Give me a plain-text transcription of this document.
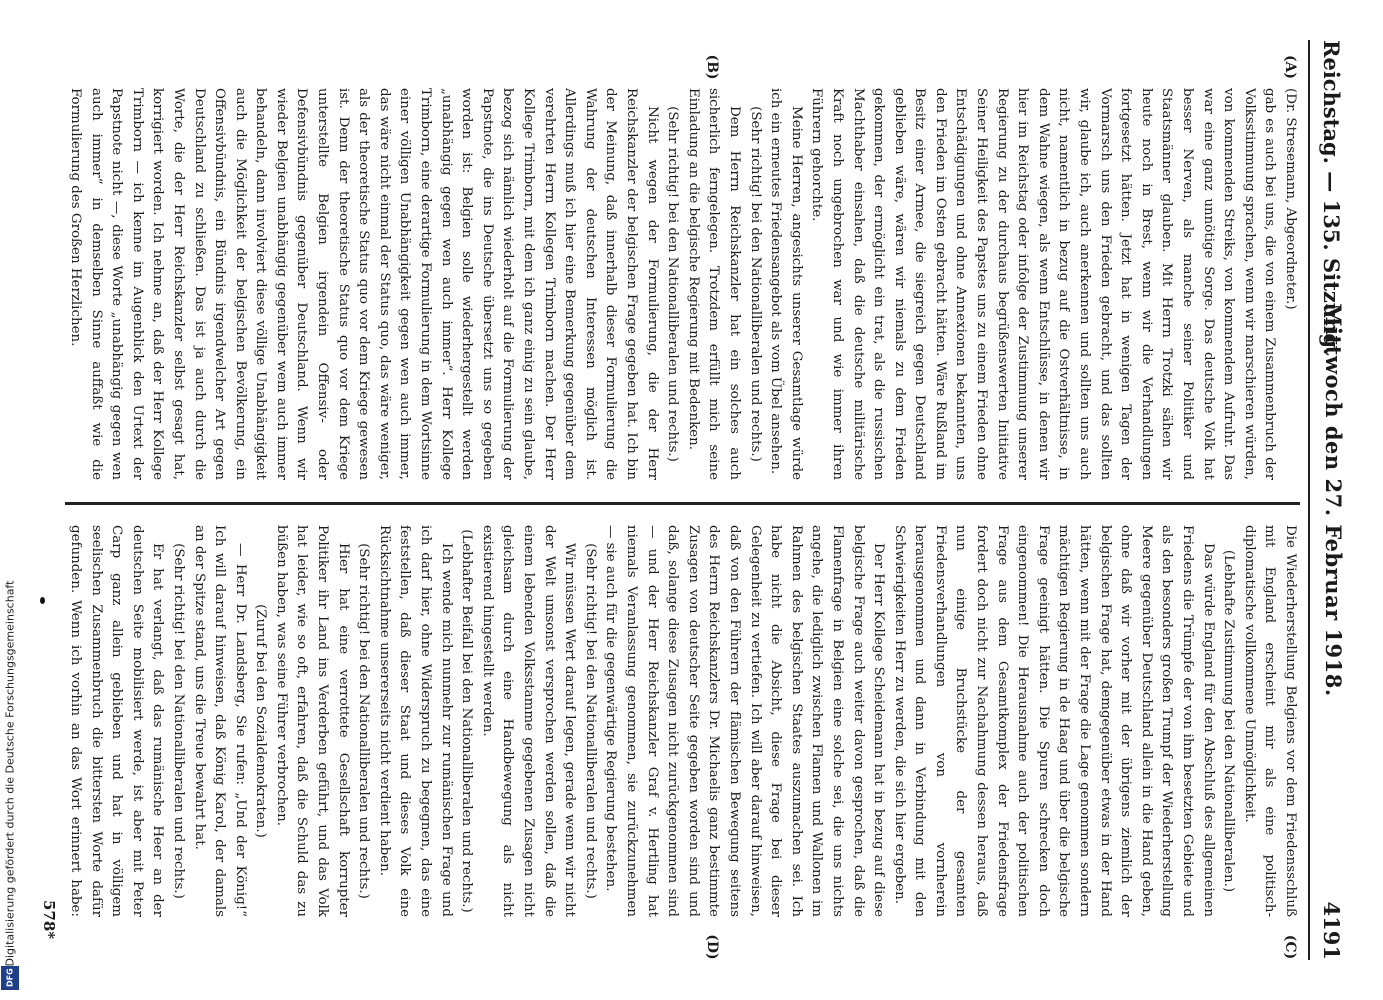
Reichstag. — 135. Sitzung.
Mittwoch den 27. Februar 1918.
4191
(A)
(B)
(C)
(D)

(Dr. Stresemann, Abgeordneter.)

gab es auch bei uns, die von einem Zusammenbruch der Volksstimmung sprachen, wenn wir marschieren würden, von kommenden Streiks, von kommendem Aufruhr. Das war eine ganz unnötige Sorge. Das deutsche Volk hat besser Nerven, als manche seiner Politiker und Staatsmänner glauben. Mit Herrn Trotzki sähen wir heute noch in Brest, wenn wir die Verhandlungen fortgesetzt hätten. Jetzt hat in wenigen Tagen der Vormarsch uns den Frieden gebracht, und das sollten wir, glaube ich, auch anerkennen und sollten uns auch nicht, namentlich in bezug auf die Ostverhältnisse, in dem Wahne wiegen, als wenn Entschlüsse, in denen wir hier im Reichstag oder infolge der Zustimmung unserer Regierung zu der durchaus begrüßenswerten Initiative Seiner Heiligkeit des Papstes uns zu einem Frieden ohne Entschädigungen und ohne Annexionen bekannten, uns den Frieden im Osten gebracht hätten. Wäre Rußland im Besitz einer Armee, die siegreich gegen Deutschland geblieben wäre, wären wir niemals zu dem Frieden gekommen, der ermöglicht ein trat, als die russischen Machthaber einsahen, daß die deutsche militärische Kraft noch ungebrochen war und wie immer ihren Führern gehorchte.

Meine Herren, angesichts unserer Gesamtlage würde ich ein erneutes Friedensangebot als vom Übel ansehen.

(Sehr richtig! bei den Nationalliberalen und rechts.)

Dem Herrn Reichskanzler hat ein solches auch sicherlich ferngelegen. Trotzdem erfüllt mich seine Einladung an die belgische Regierung mit Bedenken.

(Sehr richtig! bei den Nationalliberalen und rechts.)

Nicht wegen der Formulierung, die der Herr Reichskanzler der belgischen Frage gegeben hat. Ich bin der Meinung, daß innerhalb dieser Formulierung die Wahrung der deutschen Interessen möglich ist. Allerdings muß ich hier eine Bemerkung gegenüber dem verehrten Herrn Kollegen Trimborn machen. Der Herr Kollege Trimborn, mit dem ich ganz einig zu sein glaube, bezog sich nämlich wiederholt auf die Formulierung der Papstnote, die ins Deutsche übersetzt uns so gegeben worden ist: Belgien solle wiederhergestellt werden „unabhängig gegen wen auch immer“. Herr Kollege Trimborn, eine derartige Formulierung in dem Wortsinne einer völligen Unabhängigkeit gegen wen auch immer, das wäre nicht einmal der Status quo, das wäre weniger, als der theoretische Status quo vor dem Kriege gewesen ist. Denn der theoretische Status quo vor dem Kriege unterstellte Belgien irgendein Offensiv- oder Defensivbündnis gegenüber Deutschland. Wenn wir wieder Belgien unabhängig gegenüber wem auch immer behandeln, dann involviert diese völlige Unabhängigkeit auch die Möglichkeit der belgischen Bevölkerung, ein Offensivbündnis, ein Bündnis irgendwelcher Art gegen Deutschland zu schließen. Das ist ja auch durch die Worte, die der Herr Reichskanzler selbst gesagt hat, korrigiert worden. Ich nehme an, daß der Herr Kollege Trimborn — ich kenne im Augenblick den Urtext der Papstnote nicht —, diese Worte „unabhängig gegen wen auch immer“ in demselben Sinne auffaßt wie die Formulierung des Großen Herzlichen.

Die Wiederherstellung Belgiens vor dem Friedensschluß mit England erscheint mir als eine politisch-diplomatische vollkommene Unmöglichkeit.

(Lebhafte Zustimmung bei den Nationalliberalen.)

Das würde England für den Abschluß des allgemeinen Friedens die Trümpfe der von ihm besetzten Gebiete und als den besonders großen Trumpf der Wiederherstellung Meere gegenüber Deutschland allein in die Hand geben, ohne daß wir vorher mit der übrigens ziemlich der belgischen Frage hat, demgegenüber etwas in der Hand hätten, wenn mit der Frage die Lage genommen sondern mächtigen Regierung in de Haag und über die belgische Frage geeinigt hätten. Die Spuren schrecken doch eingenommen! Die Herausnahme auch der politischen Frage aus dem Gesamtkomplex der Friedensfrage fordert doch nicht zur Nachahmung dessen heraus, daß nun einige Bruchstücke der gesamten Friedensverhandlungen von vornherein herausgenommen und dann in Verbindung mit den Schwierigkeiten Herr zu werden, die sich hier ergeben.

Der Herr Kollege Scheidemann hat in bezug auf diese belgische Frage auch weiter davon gesprochen, daß die Flamenfrage in Belgien eine solche sei, die uns nichts angehe, die lediglich zwischen Flamen und Wallonen im Rahmen des belgischen Staates auszumachen sei. Ich habe nicht die Absicht, diese Frage bei dieser Gelegenheit zu vertiefen. Ich will aber darauf hinweisen, daß von den Führern der flämischen Bewegung seitens des Herrn Reichskanzlers Dr. Michaelis ganz bestimmte Zusagen von deutscher Seite gegeben worden sind und daß, solange diese Zusagen nicht zurückgenommen sind — und der Herr Reichskanzler Graf v. Hertling hat niemals Veranlassung genommen, sie zurückzunehmen — sie auch für die gegenwärtige Regierung bestehen.

(Sehr richtig! bei den Nationalliberalen und rechts.)

Wir müssen Wert darauf legen, gerade wenn wir nicht der Welt umsonst versprochen werden sollen, daß die einem lebenden Volksstamme gegebenen Zusagen nicht gleichsam durch eine Handbewegung als nicht existierend hingestellt werden.

(Lebhafter Beifall bei den Nationalliberalen und rechts.)

Ich wende mich nunmehr zur rumänischen Frage und ich darf hier, ohne Widerspruch zu begegnen, das eine feststellen, daß dieser Staat und dieses Volk eine Rücksichtnahme unsererseits nicht verdient haben.

(Sehr richtig! bei den Nationalliberalen und rechts.)

Hier hat eine verrottete Gesellschaft korrupter Politiker ihr Land ins Verderben geführt, und das Volk hat leider, wie so oft, erfahren, daß die Schuld das zu büßen haben, was seine Führer verbrochen.

(Zuruf bei den Sozialdemokraten.)

— Herr Dr. Landsberg, Sie rufen: „Und der König!“ Ich will darauf hinweisen, daß König Karol, der damals an der Spitze stand, uns die Treue bewahrt hat.

(Sehr richtig! bei den Nationalliberalen und rechts.)

Er hat verlangt, daß das rumänische Heer an der deutschen Seite mobilisiert werde, ist aber mit Peter Carp ganz allein geblieben und hat in völligem seelischen Zusammenbruch die bittersten Worte dafür gefunden. Wenn ich vorhin an das Wort erinnert habe:

578*
Digitalisierung gefördert durch die Deutsche Forschungsgemeinschaft
DFG
